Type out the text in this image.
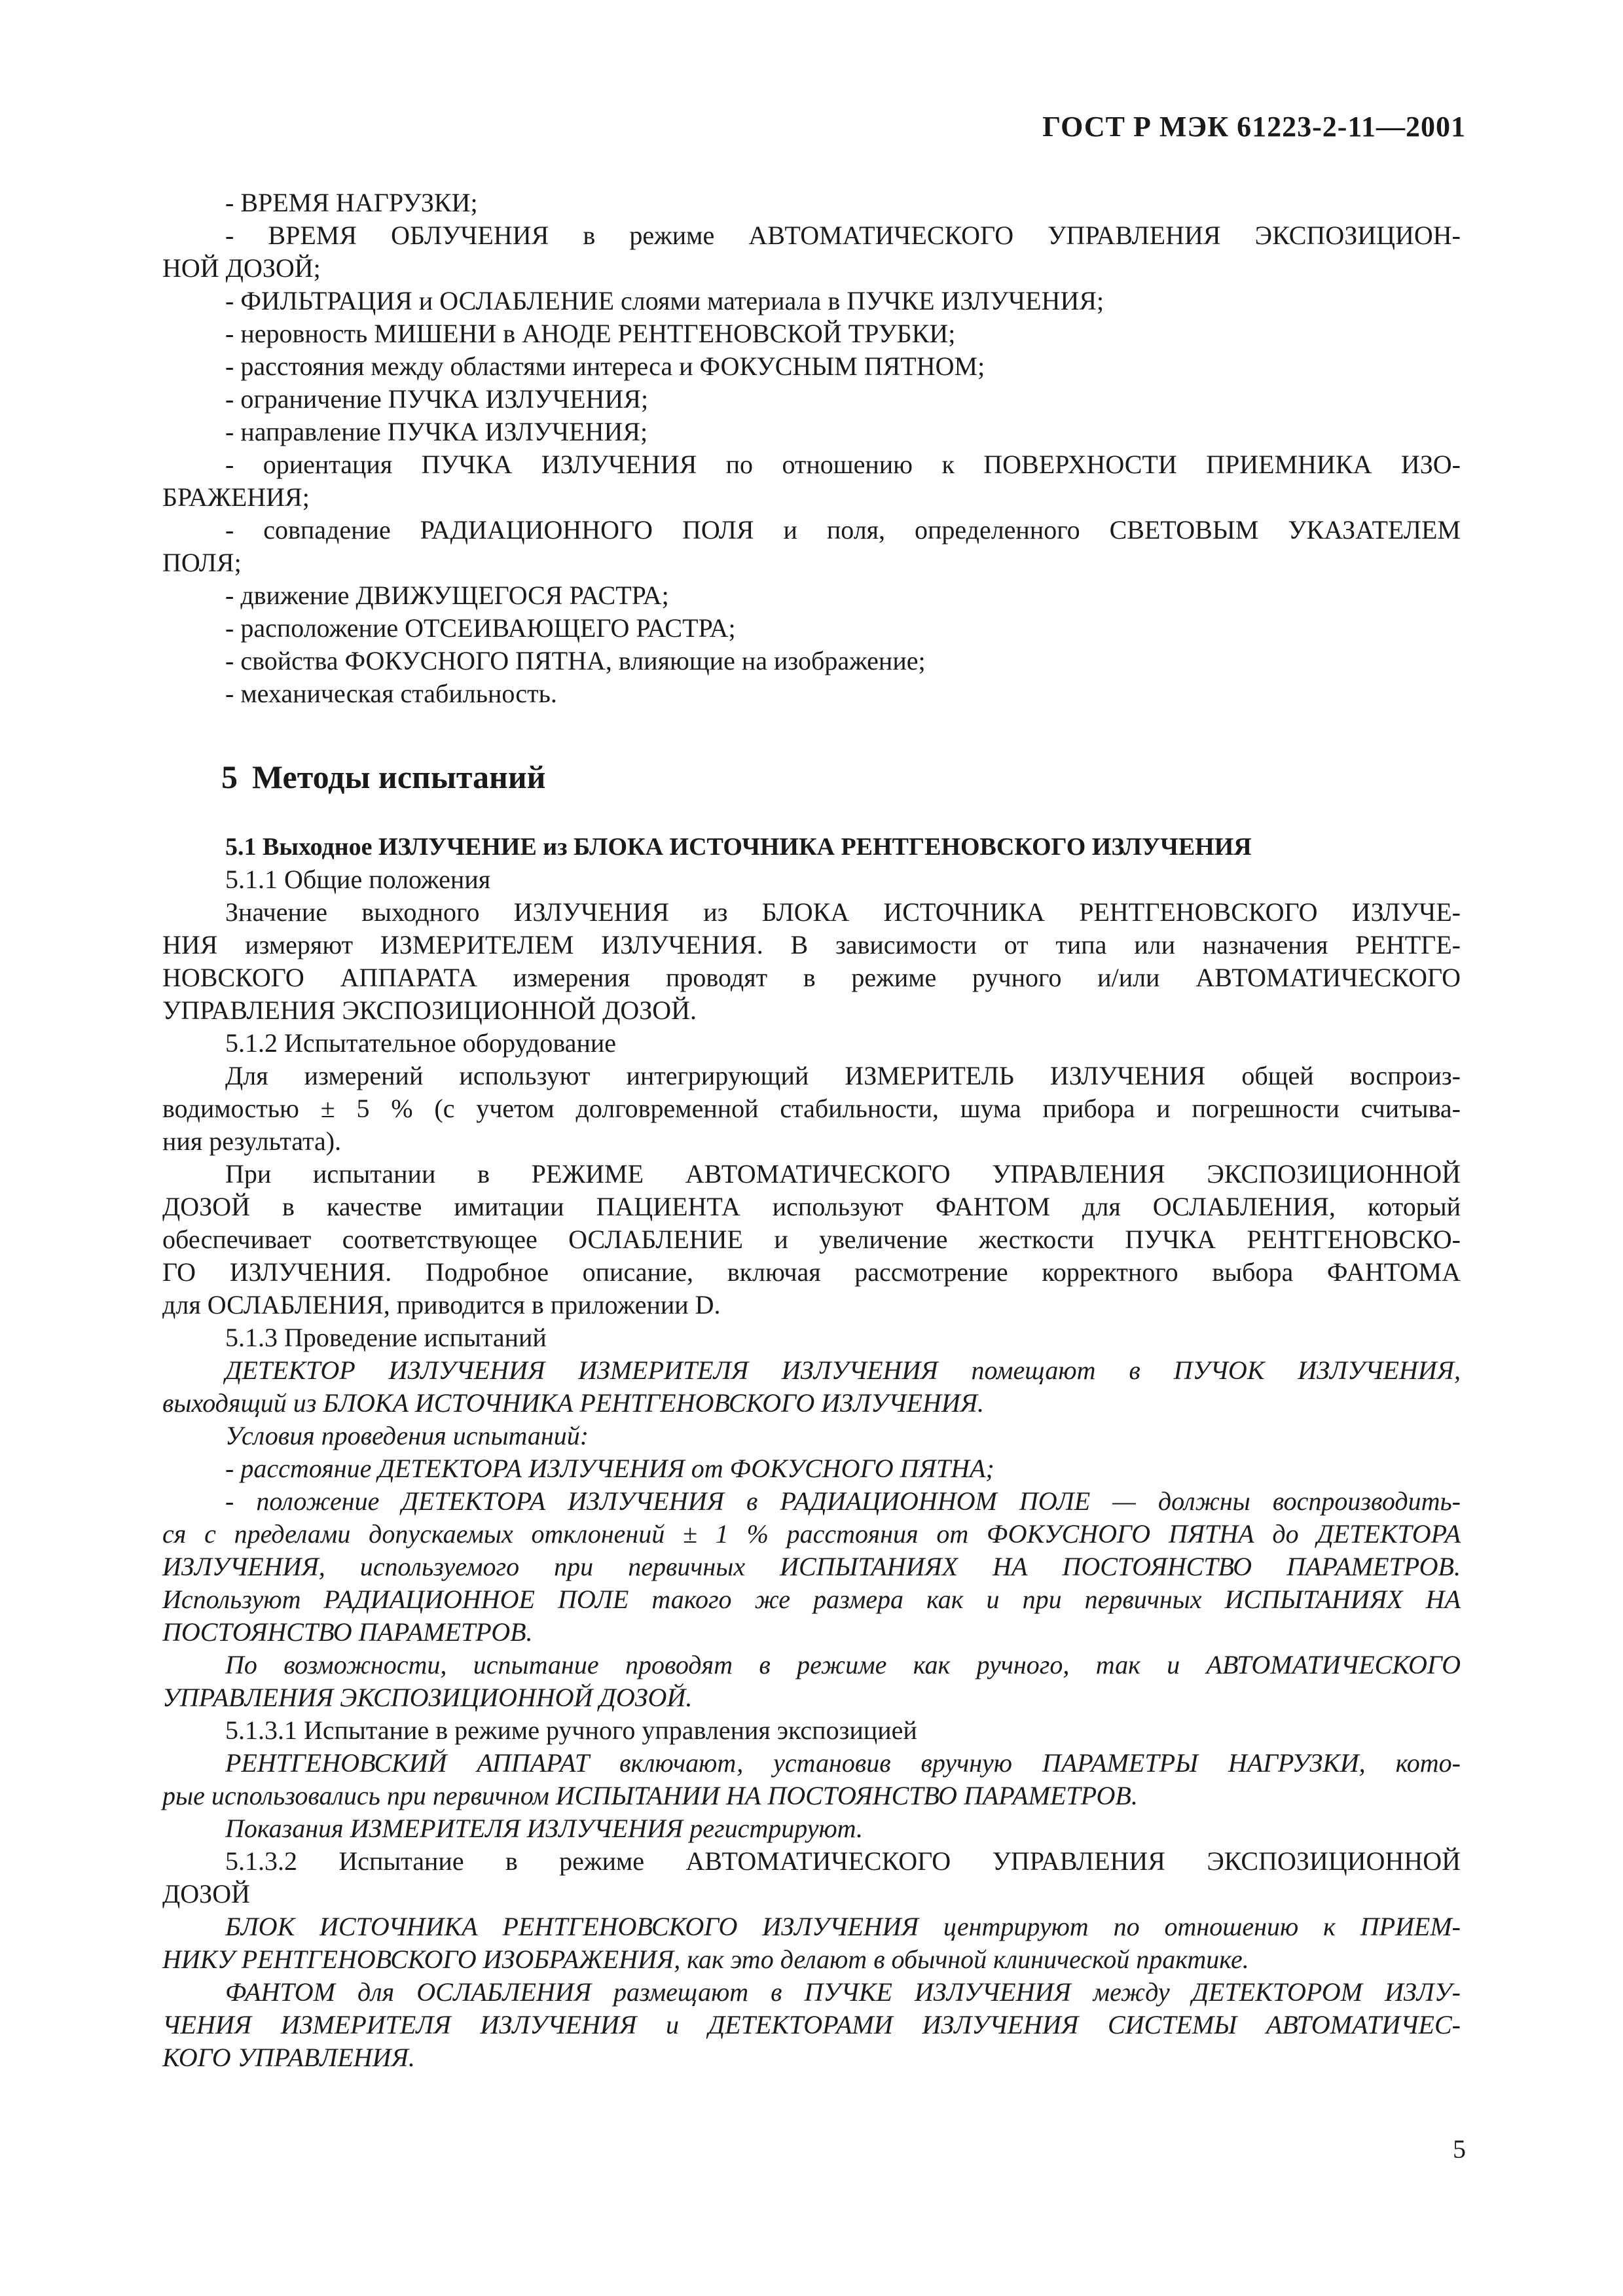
ГОСТ Р МЭК 61223-2-11—2001
- ВРЕМЯ НАГРУЗКИ;
- ВРЕМЯ ОБЛУЧЕНИЯ в режиме АВТОМАТИЧЕСКОГО УПРАВЛЕНИЯ ЭКСПОЗИЦИОН-
НОЙ ДОЗОЙ;
- ФИЛЬТРАЦИЯ и ОСЛАБЛЕНИЕ слоями материала в ПУЧКЕ ИЗЛУЧЕНИЯ;
- неровность МИШЕНИ в АНОДЕ РЕНТГЕНОВСКОЙ ТРУБКИ;
- расстояния между областями интереса и ФОКУСНЫМ ПЯТНОМ;
- ограничение ПУЧКА ИЗЛУЧЕНИЯ;
- направление ПУЧКА ИЗЛУЧЕНИЯ;
- ориентация ПУЧКА ИЗЛУЧЕНИЯ по отношению к ПОВЕРХНОСТИ ПРИЕМНИКА ИЗО-
БРАЖЕНИЯ;
- совпадение РАДИАЦИОННОГО ПОЛЯ и поля, определенного СВЕТОВЫМ УКАЗАТЕЛЕМ
ПОЛЯ;
- движение ДВИЖУЩЕГОСЯ РАСТРА;
- расположение ОТСЕИВАЮЩЕГО РАСТРА;
- свойства ФОКУСНОГО ПЯТНА, влияющие на изображение;
- механическая стабильность.
5 Методы испытаний
5.1 Выходное ИЗЛУЧЕНИЕ из БЛОКА ИСТОЧНИКА РЕНТГЕНОВСКОГО ИЗЛУЧЕНИЯ
5.1.1 Общие положения
Значение выходного ИЗЛУЧЕНИЯ из БЛОКА ИСТОЧНИКА РЕНТГЕНОВСКОГО ИЗЛУЧЕ-
НИЯ измеряют ИЗМЕРИТЕЛЕМ ИЗЛУЧЕНИЯ. В зависимости от типа или назначения РЕНТГЕ-
НОВСКОГО АППАРАТА измерения проводят в режиме ручного и/или АВТОМАТИЧЕСКОГО
УПРАВЛЕНИЯ ЭКСПОЗИЦИОННОЙ ДОЗОЙ.
5.1.2 Испытательное оборудование
Для измерений используют интегрирующий ИЗМЕРИТЕЛЬ ИЗЛУЧЕНИЯ общей воспроиз-
водимостью ± 5 % (с учетом долговременной стабильности, шума прибора и погрешности считыва-
ния результата).
При испытании в РЕЖИМЕ АВТОМАТИЧЕСКОГО УПРАВЛЕНИЯ ЭКСПОЗИЦИОННОЙ
ДОЗОЙ в качестве имитации ПАЦИЕНТА используют ФАНТОМ для ОСЛАБЛЕНИЯ, который
обеспечивает соответствующее ОСЛАБЛЕНИЕ и увеличение жесткости ПУЧКА РЕНТГЕНОВСКО-
ГО ИЗЛУЧЕНИЯ. Подробное описание, включая рассмотрение корректного выбора ФАНТОМА
для ОСЛАБЛЕНИЯ, приводится в приложении D.
5.1.3 Проведение испытаний
ДЕТЕКТОР ИЗЛУЧЕНИЯ ИЗМЕРИТЕЛЯ ИЗЛУЧЕНИЯ помещают в ПУЧОК ИЗЛУЧЕНИЯ,
выходящий из БЛОКА ИСТОЧНИКА РЕНТГЕНОВСКОГО ИЗЛУЧЕНИЯ.
Условия проведения испытаний:
- расстояние ДЕТЕКТОРА ИЗЛУЧЕНИЯ от ФОКУСНОГО ПЯТНА;
- положение ДЕТЕКТОРА ИЗЛУЧЕНИЯ в РАДИАЦИОННОМ ПОЛЕ — должны воспроизводить-
ся с пределами допускаемых отклонений ± 1 % расстояния от ФОКУСНОГО ПЯТНА до ДЕТЕКТОРА
ИЗЛУЧЕНИЯ, используемого при первичных ИСПЫТАНИЯХ НА ПОСТОЯНСТВО ПАРАМЕТРОВ.
Используют РАДИАЦИОННОЕ ПОЛЕ такого же размера как и при первичных ИСПЫТАНИЯХ НА
ПОСТОЯНСТВО ПАРАМЕТРОВ.
По возможности, испытание проводят в режиме как ручного, так и АВТОМАТИЧЕСКОГО
УПРАВЛЕНИЯ ЭКСПОЗИЦИОННОЙ ДОЗОЙ.
5.1.3.1 Испытание в режиме ручного управления экспозицией
РЕНТГЕНОВСКИЙ АППАРАТ включают, установив вручную ПАРАМЕТРЫ НАГРУЗКИ, кото-
рые использовались при первичном ИСПЫТАНИИ НА ПОСТОЯНСТВО ПАРАМЕТРОВ.
Показания ИЗМЕРИТЕЛЯ ИЗЛУЧЕНИЯ регистрируют.
5.1.3.2 Испытание в режиме АВТОМАТИЧЕСКОГО УПРАВЛЕНИЯ ЭКСПОЗИЦИОННОЙ
ДОЗОЙ
БЛОК ИСТОЧНИКА РЕНТГЕНОВСКОГО ИЗЛУЧЕНИЯ центрируют по отношению к ПРИЕМ-
НИКУ РЕНТГЕНОВСКОГО ИЗОБРАЖЕНИЯ, как это делают в обычной клинической практике.
ФАНТОМ для ОСЛАБЛЕНИЯ размещают в ПУЧКЕ ИЗЛУЧЕНИЯ между ДЕТЕКТОРОМ ИЗЛУ-
ЧЕНИЯ ИЗМЕРИТЕЛЯ ИЗЛУЧЕНИЯ и ДЕТЕКТОРАМИ ИЗЛУЧЕНИЯ СИСТЕМЫ АВТОМАТИЧЕС-
КОГО УПРАВЛЕНИЯ.
5
